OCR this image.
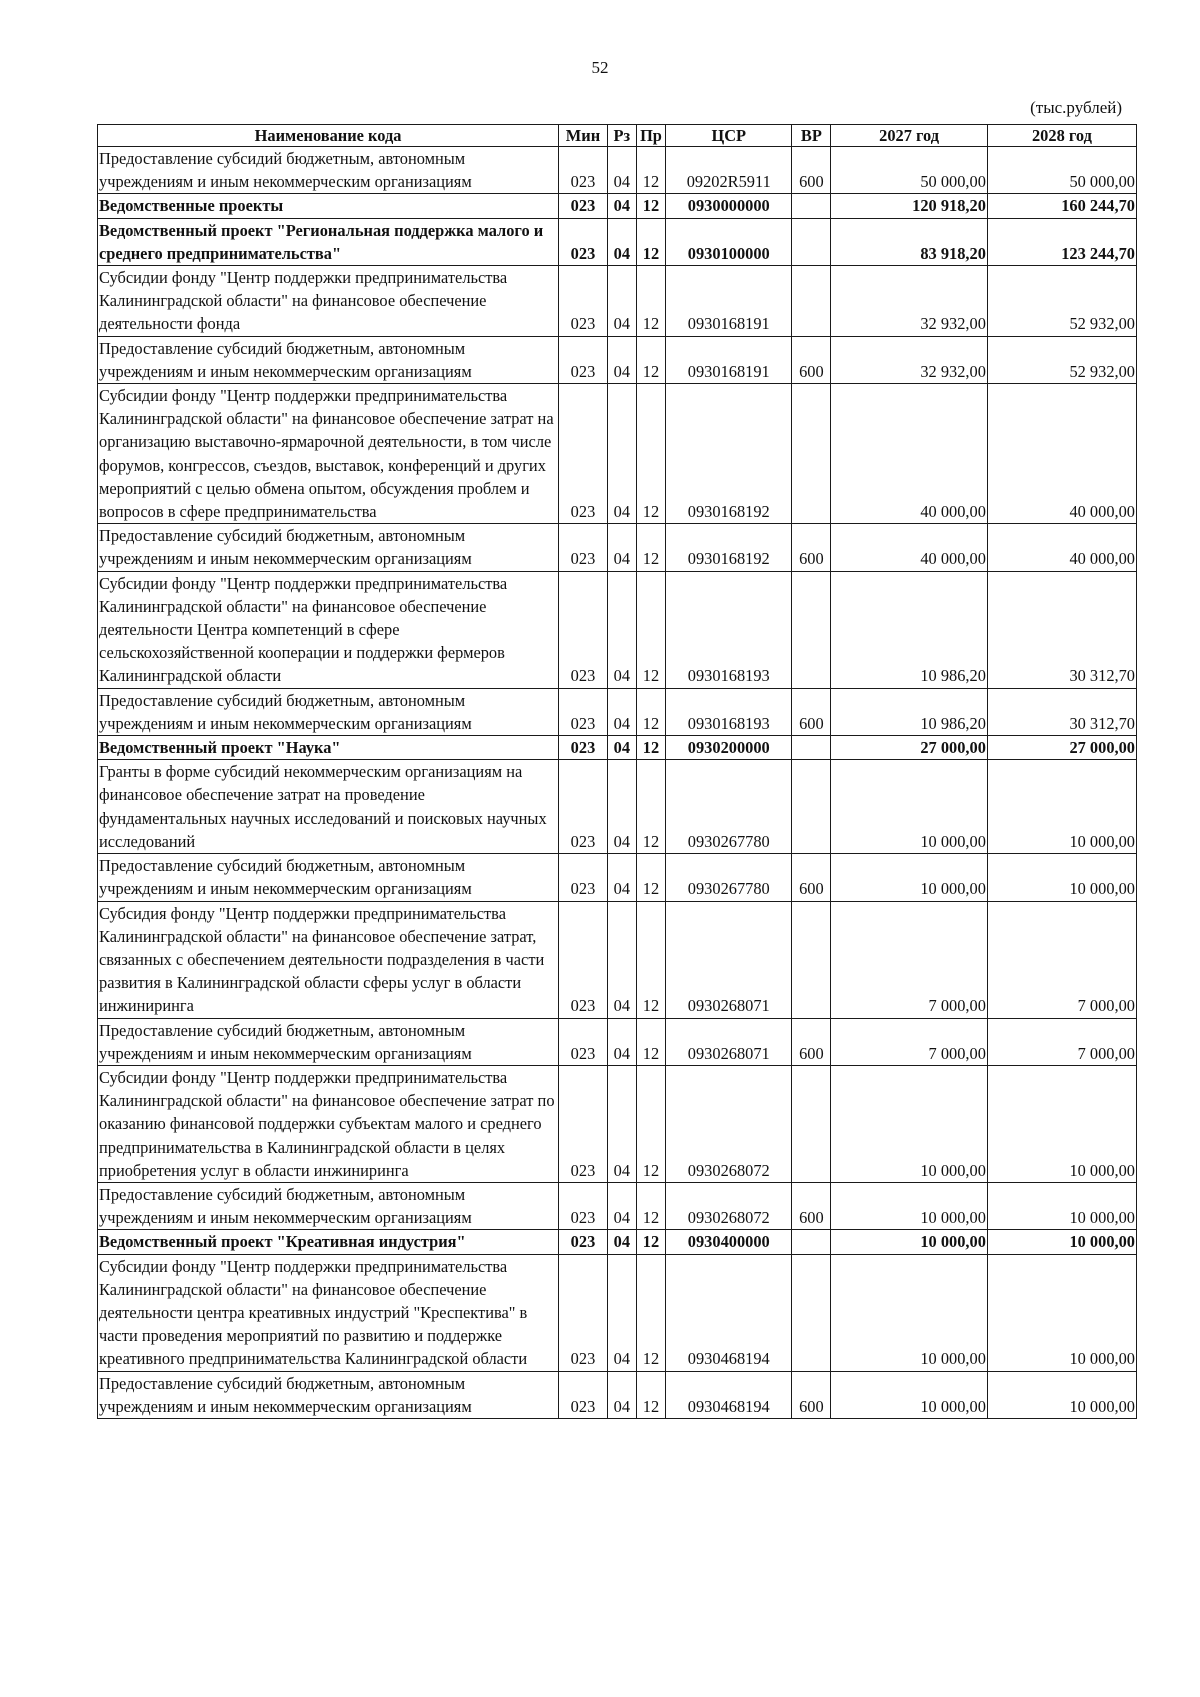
52
(тыс.рублей)
Наименование кода	Мин	Рз	Пр	ЦСР	ВР	2027 год	2028 год
Предоставление субсидий бюджетным, автономным учреждениям и иным некоммерческим организациям	023	04	12	09202R5911	600	50 000,00	50 000,00
Ведомственные проекты	023	04	12	0930000000		120 918,20	160 244,70
Ведомственный проект "Региональная поддержка малого и среднего предпринимательства"	023	04	12	0930100000		83 918,20	123 244,70
Субсидии фонду "Центр поддержки предпринимательства Калининградской области" на финансовое обеспечение деятельности фонда	023	04	12	0930168191		32 932,00	52 932,00
Предоставление субсидий бюджетным, автономным учреждениям и иным некоммерческим организациям	023	04	12	0930168191	600	32 932,00	52 932,00
Субсидии фонду "Центр поддержки предпринимательства Калининградской области" на финансовое обеспечение затрат на организацию выставочно-ярмарочной деятельности, в том числе форумов, конгрессов, съездов, выставок, конференций и других мероприятий с целью обмена опытом, обсуждения проблем и вопросов в сфере предпринимательства	023	04	12	0930168192		40 000,00	40 000,00
Предоставление субсидий бюджетным, автономным учреждениям и иным некоммерческим организациям	023	04	12	0930168192	600	40 000,00	40 000,00
Субсидии фонду "Центр поддержки предпринимательства Калининградской области" на финансовое обеспечение деятельности Центра компетенций в сфере сельскохозяйственной кооперации и поддержки фермеров Калининградской области	023	04	12	0930168193		10 986,20	30 312,70
Предоставление субсидий бюджетным, автономным учреждениям и иным некоммерческим организациям	023	04	12	0930168193	600	10 986,20	30 312,70
Ведомственный проект "Наука"	023	04	12	0930200000		27 000,00	27 000,00
Гранты в форме субсидий некоммерческим организациям на финансовое обеспечение затрат на проведение фундаментальных научных исследований и поисковых научных исследований	023	04	12	0930267780		10 000,00	10 000,00
Предоставление субсидий бюджетным, автономным учреждениям и иным некоммерческим организациям	023	04	12	0930267780	600	10 000,00	10 000,00
Субсидия фонду "Центр поддержки предпринимательства Калининградской области" на финансовое обеспечение затрат, связанных с обеспечением деятельности подразделения в части развития в Калининградской области сферы услуг в области инжиниринга	023	04	12	0930268071		7 000,00	7 000,00
Предоставление субсидий бюджетным, автономным учреждениям и иным некоммерческим организациям	023	04	12	0930268071	600	7 000,00	7 000,00
Субсидии фонду "Центр поддержки предпринимательства Калининградской области" на финансовое обеспечение затрат по оказанию финансовой поддержки субъектам малого и среднего предпринимательства в Калининградской области в целях приобретения услуг в области инжиниринга	023	04	12	0930268072		10 000,00	10 000,00
Предоставление субсидий бюджетным, автономным учреждениям и иным некоммерческим организациям	023	04	12	0930268072	600	10 000,00	10 000,00
Ведомственный проект "Креативная индустрия"	023	04	12	0930400000		10 000,00	10 000,00
Субсидии фонду "Центр поддержки предпринимательства Калининградской области" на финансовое обеспечение деятельности центра креативных индустрий "Креспектива" в части проведения мероприятий по развитию и поддержке креативного предпринимательства Калининградской области	023	04	12	0930468194		10 000,00	10 000,00
Предоставление субсидий бюджетным, автономным учреждениям и иным некоммерческим организациям	023	04	12	0930468194	600	10 000,00	10 000,00
